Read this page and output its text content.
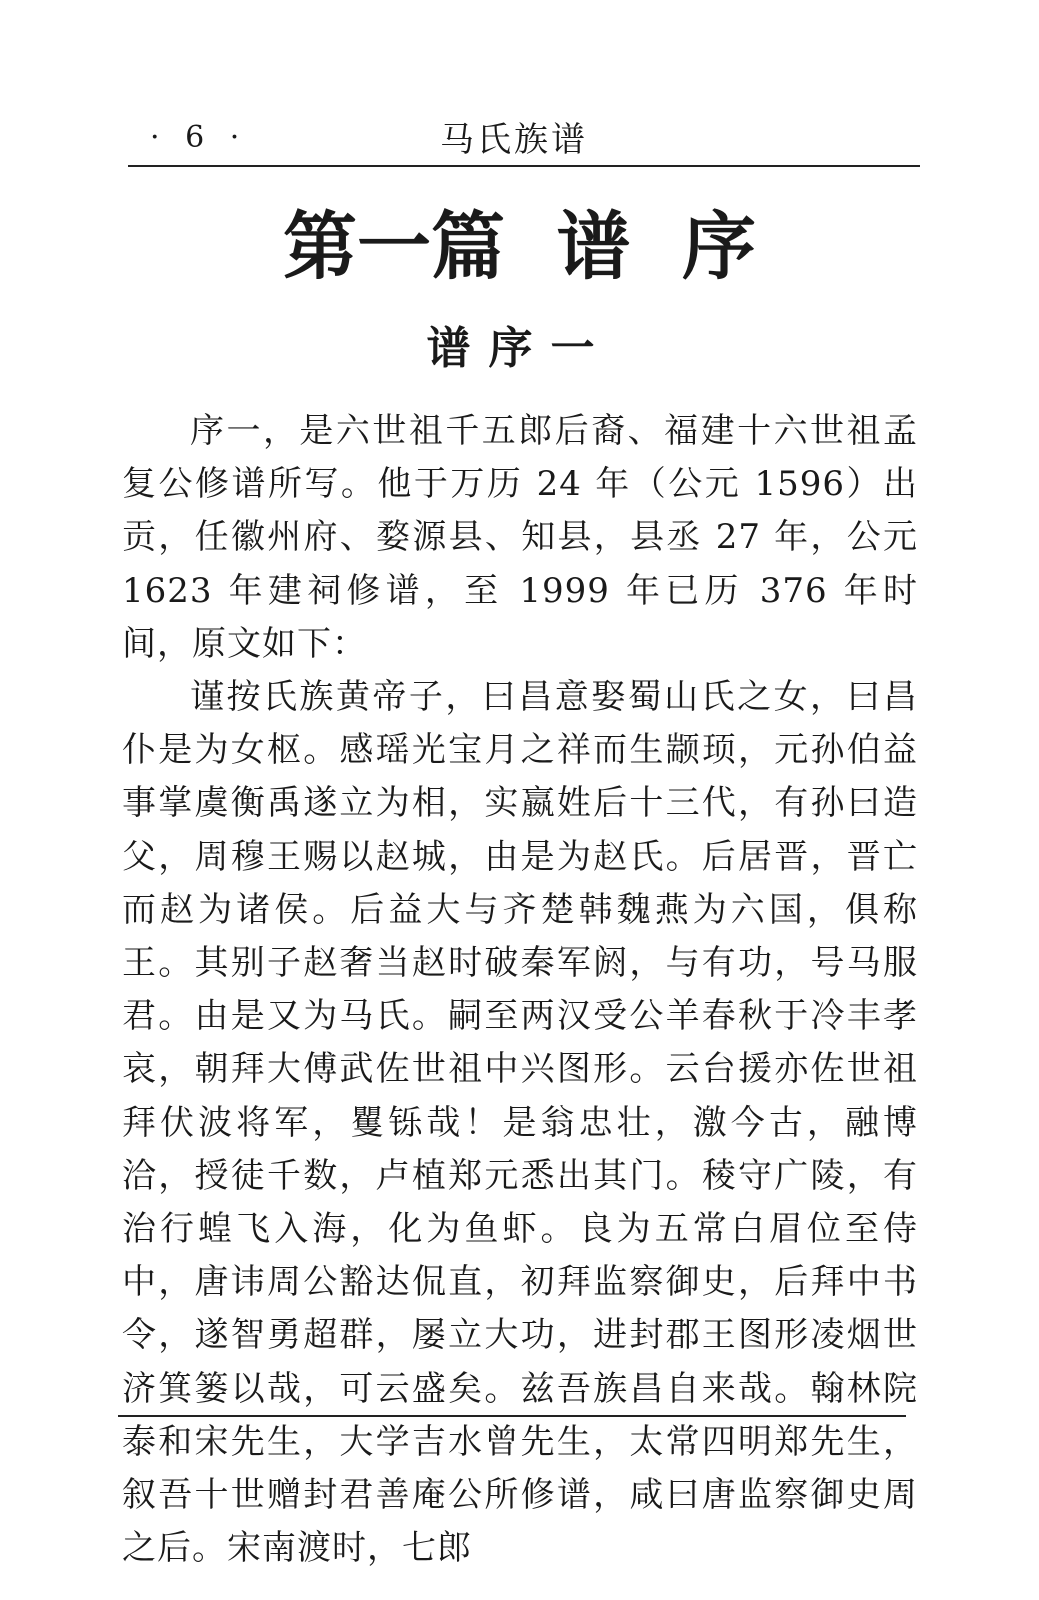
· 6 ·	马氏族谱
第一篇  谱  序
谱序一

序一，是六世祖千五郎后裔、福建十六世祖孟复公修谱所写。他于万历 24 年（公元 1596）出贡，任徽州府、婺源县、知县，县丞 27 年，公元 1623 年建祠修谱，至 1999 年已历 376 年时间，原文如下：

谨按氏族黄帝子，曰昌意娶蜀山氏之女，曰昌仆是为女枢。感瑶光宝月之祥而生颛顼，元孙伯益事掌虞衡禹遂立为相，实嬴姓后十三代，有孙曰造父，周穆王赐以赵城，由是为赵氏。后居晋，晋亡而赵为诸侯。后益大与齐楚韩魏燕为六国，俱称王。其别子赵奢当赵时破秦军阏，与有功，号马服君。由是又为马氏。嗣至两汉受公羊春秋于冷丰孝哀，朝拜大傅武佐世祖中兴图形。云台援亦佐世祖拜伏波将军，矍铄哉！是翁忠壮，激今古，融博洽，授徒千数，卢植郑元悉出其门。稜守广陵，有治行蝗飞入海，化为鱼虾。良为五常白眉位至侍中，唐讳周公豁达侃直，初拜监察御史，后拜中书令，遂智勇超群，屡立大功，进封郡王图形凌烟世济箕篓以哉，可云盛矣。兹吾族昌自来哉。翰林院泰和宋先生，大学吉水曾先生，太常四明郑先生，叙吾十世赠封君善庵公所修谱，咸曰唐监察御史周之后。宋南渡时，七郎
